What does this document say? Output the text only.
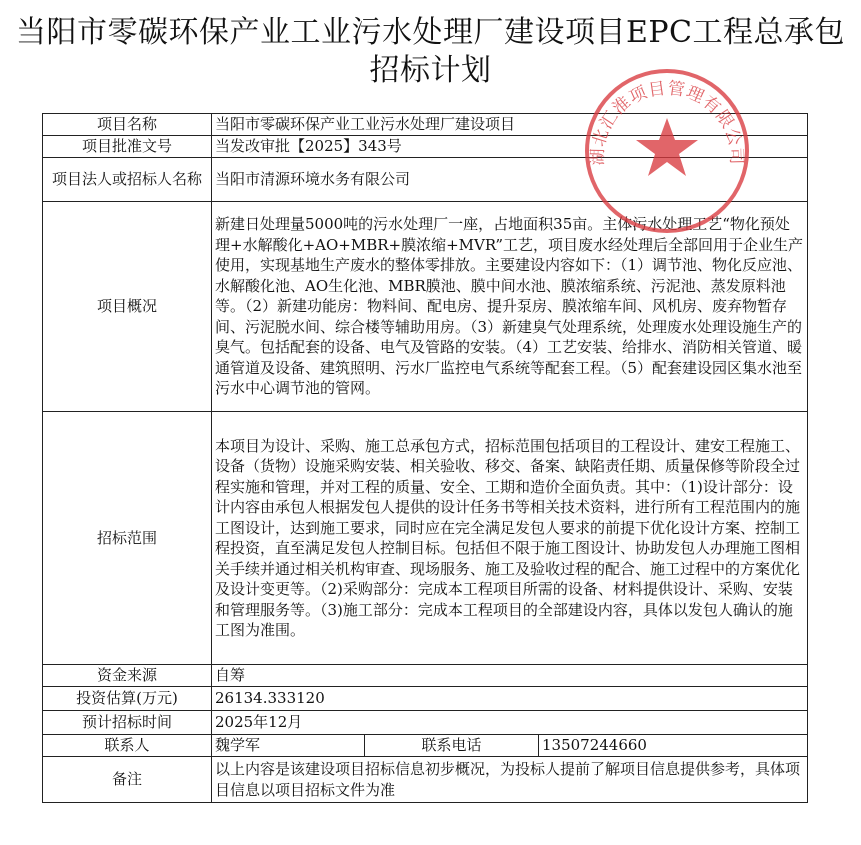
当阳市零碳环保产业工业污水处理厂建设项目EPC工程总承包招标计划
项目名称	当阳市零碳环保产业工业污水处理厂建设项目		
项目批准文号	当发改审批【2025】343号		
项目法人或招标人名称	当阳市清源环境水务有限公司		
项目概况	新建日处理量5000吨的污水处理厂一座，占地面积35亩。主体污水处理工艺“物化预处理+水解酸化+AO+MBR+膜浓缩+MVR”工艺，项目废水经处理后全部回用于企业生产使用，实现基地生产废水的整体零排放。主要建设内容如下：（1）调节池、物化反应池、水解酸化池、AO生化池、MBR膜池、膜中间水池、膜浓缩系统、污泥池、蒸发原料池等。（2）新建功能房：物料间、配电房、提升泵房、膜浓缩车间、风机房、废弃物暂存间、污泥脱水间、综合楼等辅助用房。（3）新建臭气处理系统，处理废水处理设施生产的臭气。包括配套的设备、电气及管路的安装。（4）工艺安装、给排水、消防相关管道、暖通管道及设备、建筑照明、污水厂监控电气系统等配套工程。（5）配套建设园区集水池至污水中心调节池的管网。		
招标范围	本项目为设计、采购、施工总承包方式，招标范围包括项目的工程设计、建安工程施工、设备（货物）设施采购安装、相关验收、移交、备案、缺陷责任期、质量保修等阶段全过程实施和管理，并对工程的质量、安全、工期和造价全面负责。其中：（1)设计部分：设计内容由承包人根据发包人提供的设计任务书等相关技术资料，进行所有工程范围内的施工图设计，达到施工要求，同时应在完全满足发包人要求的前提下优化设计方案、控制工程投资，直至满足发包人控制目标。包括但不限于施工图设计、协助发包人办理施工图相关手续并通过相关机构审查、现场服务、施工及验收过程的配合、施工过程中的方案优化及设计变更等。（2)采购部分：完成本工程项目所需的设备、材料提供设计、采购、安装和管理服务等。（3)施工部分：完成本工程项目的全部建设内容，具体以发包人确认的施工图为准围。		
资金来源	自筹		
投资估算(万元)	26134.333120		
预计招标时间	2025年12月		
联系人	魏学军	联系电话	13507244660
备注	以上内容是该建设项目招标信息初步概况，为投标人提前了解项目信息提供参考，具体项目信息以项目招标文件为准		
湖北汇淮项目管理有限公司
